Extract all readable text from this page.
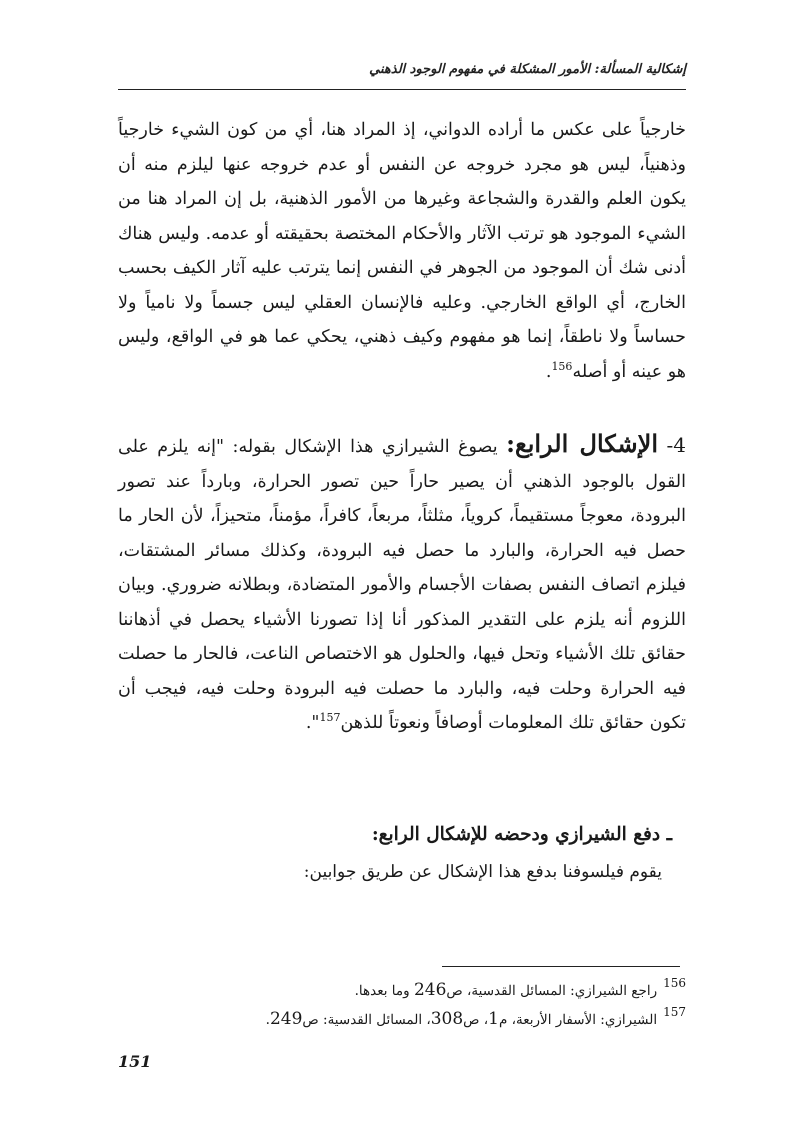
إشكالية المسألة: الأمور المشكلة في مفهوم الوجود الذهني

خارجياً على عكس ما أراده الدواني، إذ المراد هنا، أي من كون الشيء خارجياً وذهنياً، ليس هو مجرد خروجه عن النفس أو عدم خروجه عنها ليلزم منه أن يكون العلم والقدرة والشجاعة وغيرها من الأمور الذهنية، بل إن المراد هنا من الشيء الموجود هو ترتب الآثار والأحكام المختصة بحقيقته أو عدمه. وليس هناك أدنى شك أن الموجود من الجوهر في النفس إنما يترتب عليه آثار الكيف بحسب الخارج، أي الواقع الخارجي. وعليه فالإنسان العقلي ليس جسماً ولا نامياً ولا حساساً ولا ناطقاً، إنما هو مفهوم وكيف ذهني، يحكي عما هو في الواقع، وليس هو عينه أو أصله$^{156}$.

4- الإشكال الرابع: يصوغ الشيرازي هذا الإشكال بقوله: "إنه يلزم على القول بالوجود الذهني أن يصير حاراً حين تصور الحرارة، وبارداً عند تصور البرودة، معوجاً مستقيماً، كروياً، مثلثاً، مربعاً، كافراً، مؤمناً، متحيزاً، لأن الحار ما حصل فيه الحرارة، والبارد ما حصل فيه البرودة، وكذلك مسائر المشتقات، فيلزم اتصاف النفس بصفات الأجسام والأمور المتضادة، وبطلانه ضروري. وبيان اللزوم أنه يلزم على التقدير المذكور أنا إذا تصورنا الأشياء يحصل في أذهاننا حقائق تلك الأشياء وتحل فيها، والحلول هو الاختصاص الناعت، فالحار ما حصلت فيه الحرارة وحلت فيه، والبارد ما حصلت فيه البرودة وحلت فيه، فيجب أن تكون حقائق تلك المعلومات أوصافاً ونعوتاً للذهن$^{157}$".

ـ دفع الشيرازي ودحضه للإشكال الرابع:
يقوم فيلسوفنا بدفع هذا الإشكال عن طريق جوابين:
156راجع الشيرازي: المسائل القدسية، ص246 وما بعدها.
157الشيرازي: الأسفار الأربعة، م1، ص308، المسائل القدسية: ص249.
151
